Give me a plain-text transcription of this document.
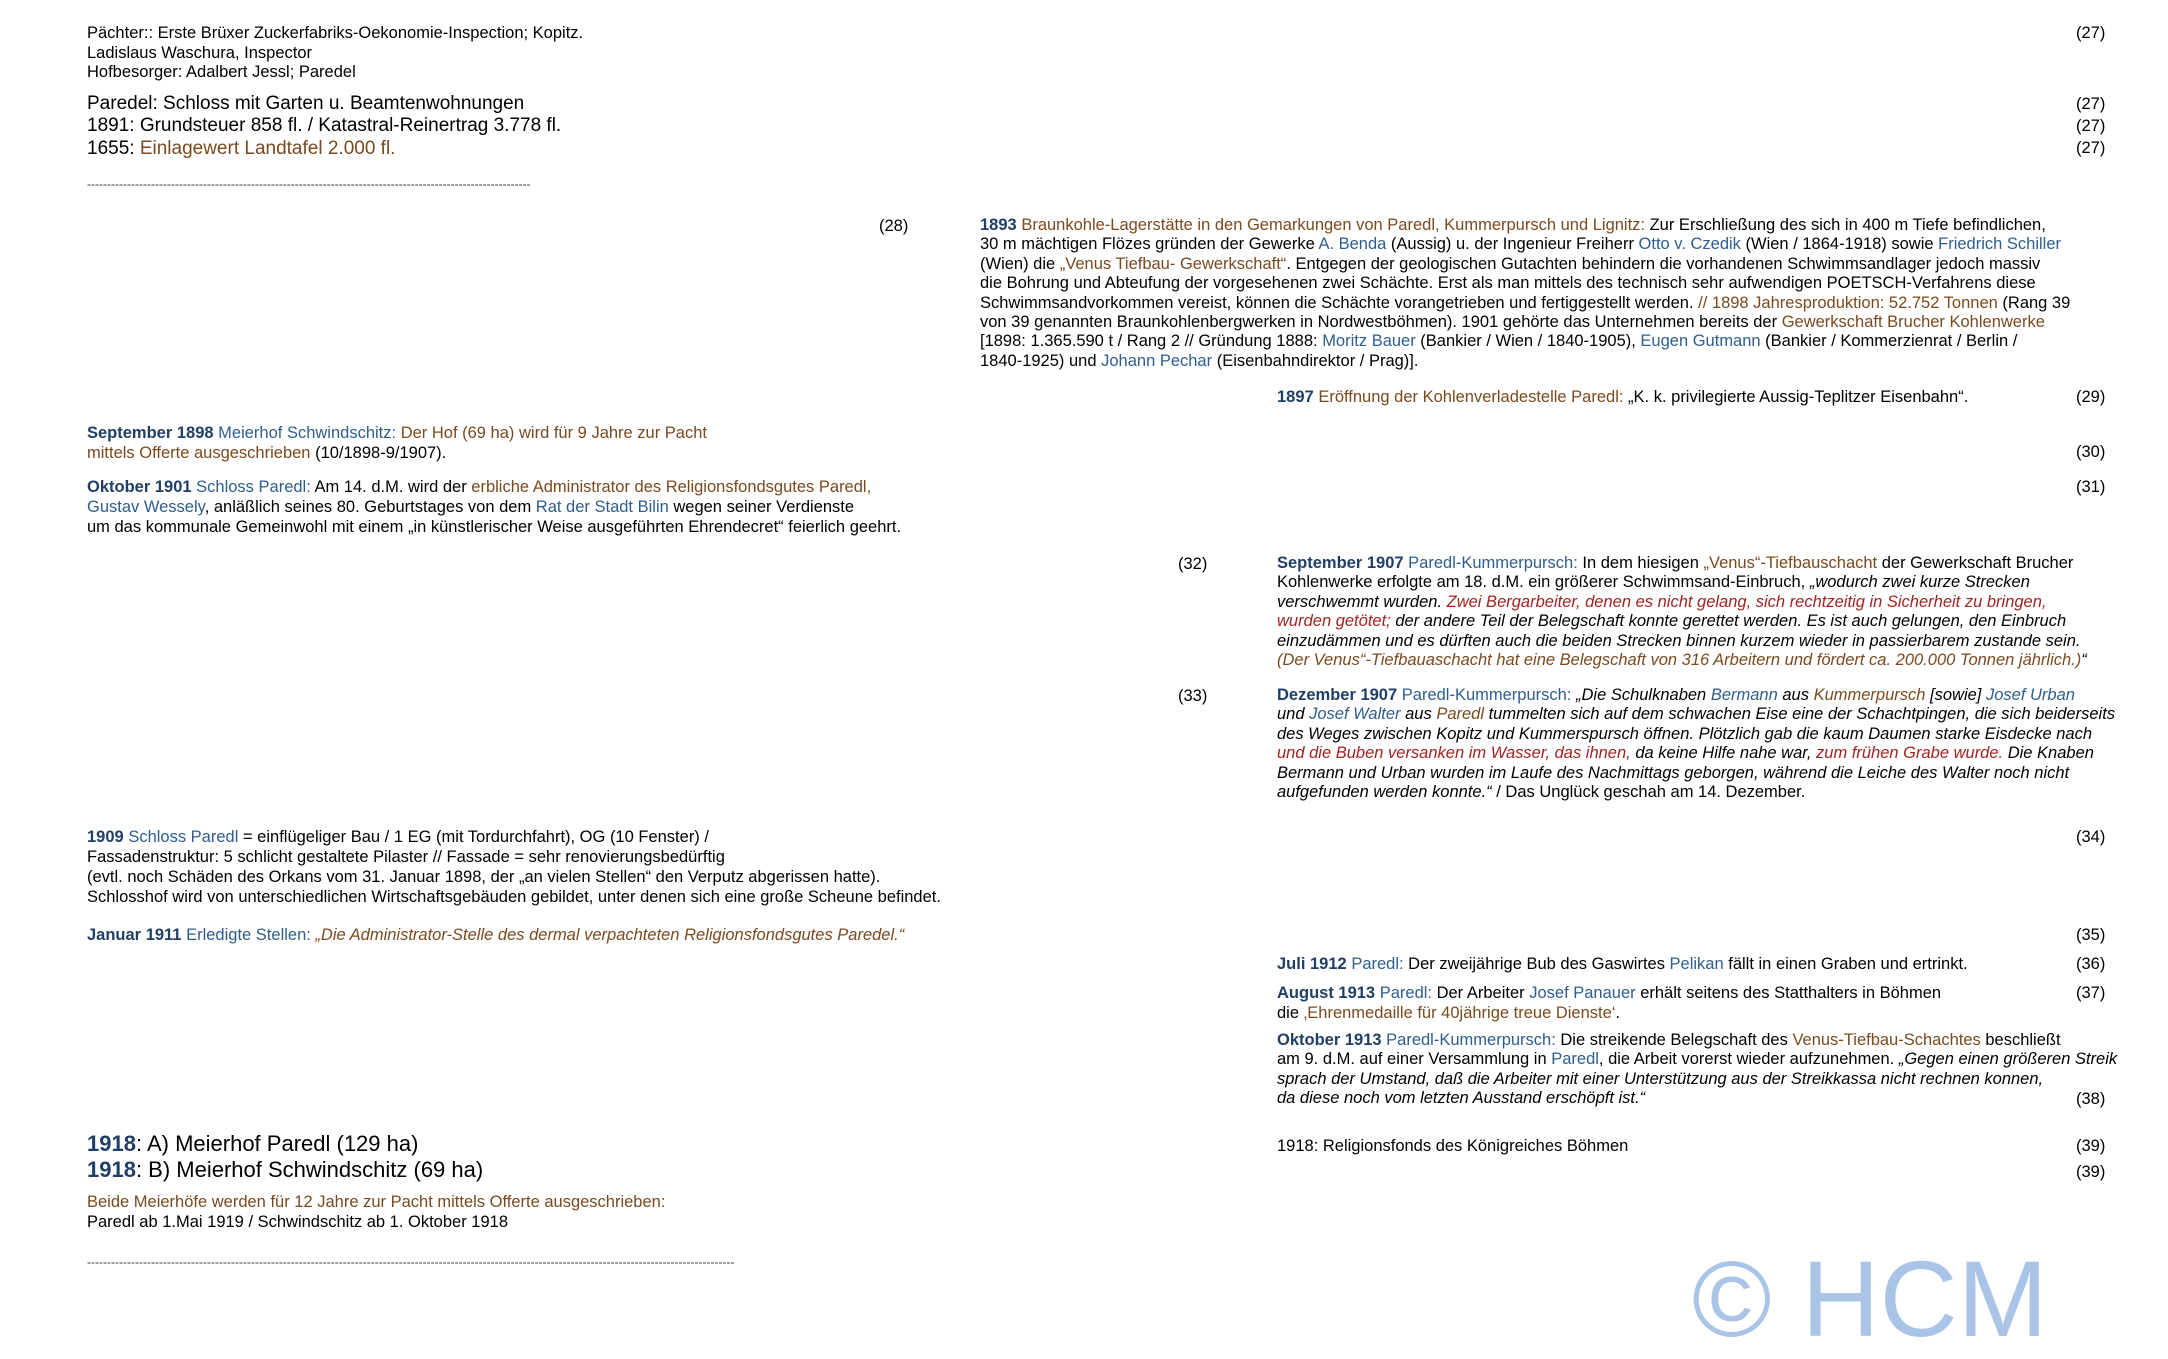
Pächter:: Erste Brüxer Zuckerfabriks-Oekonomie-Inspection; Kopitz.
Ladislaus Waschura, Inspector
Hofbesorger: Adalbert Jessl; Paredel
(27)
Paredel: Schloss mit Garten u. Beamtenwohnungen
1891: Grundsteuer 858 fl. / Katastral-Reinertrag 3.778 fl.
1655: Einlagewert Landtafel 2.000 fl.
(27)
(27)
(27)
---------------------------------------------------------------------------------------------------------------
(28)	1893 Braunkohle-Lagerstätte in den Gemarkungen von Paredl, Kummerpursch und Lignitz: Zur Erschließung des sich in 400 m Tiefe befindlichen,
30 m mächtigen Flözes gründen der Gewerke A. Benda (Aussig) u. der Ingenieur Freiherr Otto v. Czedik (Wien / 1864-1918) sowie Friedrich Schiller
(Wien) die „Venus Tiefbau- Gewerkschaft“. Entgegen der geologischen Gutachten behindern die vorhandenen Schwimmsandlager jedoch massiv
die Bohrung und Abteufung der vorgesehenen zwei Schächte. Erst als man mittels des technisch sehr aufwendigen POETSCH-Verfahrens diese
Schwimmsandvorkommen vereist, können die Schächte vorangetrieben und fertiggestellt werden. // 1898 Jahresproduktion: 52.752 Tonnen (Rang 39
von 39 genannten Braunkohlenbergwerken in Nordwestböhmen). 1901 gehörte das Unternehmen bereits der Gewerkschaft Brucher Kohlenwerke
[1898: 1.365.590 t / Rang 2 // Gründung 1888: Moritz Bauer (Bankier / Wien / 1840-1905), Eugen Gutmann (Bankier / Kommerzienrat / Berlin /
1840-1925) und Johann Pechar (Eisenbahndirektor / Prag)].
1897 Eröffnung der Kohlenverladestelle Paredl: „K. k. privilegierte Aussig-Teplitzer Eisenbahn“.	(29)
September 1898 Meierhof Schwindschitz: Der Hof (69 ha) wird für 9 Jahre zur Pacht
mittels Offerte ausgeschrieben (10/1898-9/1907).	(30)
Oktober 1901 Schloss Paredl: Am 14. d.M. wird der erbliche Administrator des Religionsfondsgutes Paredl,
Gustav Wessely, anläßlich seines 80. Geburtstages von dem Rat der Stadt Bilin wegen seiner Verdienste
um das kommunale Gemeinwohl mit einem „in künstlerischer Weise ausgeführten Ehrendecret“ feierlich geehrt.
(31)
(32)	September 1907 Paredl-Kummerpursch: In dem hiesigen „Venus“-Tiefbauschacht der Gewerkschaft Brucher
Kohlenwerke erfolgte am 18. d.M. ein größerer Schwimmsand-Einbruch, „wodurch zwei kurze Strecken
verschwemmt wurden. Zwei Bergarbeiter, denen es nicht gelang, sich rechtzeitig in Sicherheit zu bringen,
wurden getötet; der andere Teil der Belegschaft konnte gerettet werden. Es ist auch gelungen, den Einbruch
einzudämmen und es dürften auch die beiden Strecken binnen kurzem wieder in passierbarem zustande sein.
(Der Venus“-Tiefbauaschacht hat eine Belegschaft von 316 Arbeitern und fördert ca. 200.000 Tonnen jährlich.)“
(33)	Dezember 1907 Paredl-Kummerpursch: „Die Schulknaben Bermann aus Kummerpursch [sowie] Josef Urban
und Josef Walter aus Paredl tummelten sich auf dem schwachen Eise eine der Schachtpingen, die sich beiderseits
des Weges zwischen Kopitz und Kummerspursch öffnen. Plötzlich gab die kaum Daumen starke Eisdecke nach
und die Buben versanken im Wasser, das ihnen, da keine Hilfe nahe war, zum frühen Grabe wurde. Die Knaben
Bermann und Urban wurden im Laufe des Nachmittags geborgen, während die Leiche des Walter noch nicht
aufgefunden werden konnte.“ / Das Unglück geschah am 14. Dezember.
1909 Schloss Paredl = einflügeliger Bau / 1 EG (mit Tordurchfahrt), OG (10 Fenster) /
Fassadenstruktur: 5 schlicht gestaltete Pilaster // Fassade = sehr renovierungsbedürftig
(evtl. noch Schäden des Orkans vom 31. Januar 1898, der „an vielen Stellen“ den Verputz abgerissen hatte).
Schlosshof wird von unterschiedlichen Wirtschaftsgebäuden gebildet, unter denen sich eine große Scheune befindet.
(34)
Januar 1911 Erledigte Stellen: „Die Administrator-Stelle des dermal verpachteten Religionsfondsgutes Paredel.“	(35)
Juli 1912 Paredl: Der zweijährige Bub des Gaswirtes Pelikan fällt in einen Graben und ertrinkt.	(36)
August 1913 Paredl: Der Arbeiter Josef Panauer erhält seitens des Statthalters in Böhmen
die ‚Ehrenmedaille für 40jährige treue Dienste‘.
(37)
Oktober 1913 Paredl-Kummerpursch: Die streikende Belegschaft des Venus-Tiefbau-Schachtes beschließt
am 9. d.M. auf einer Versammlung in Paredl, die Arbeit vorerst wieder aufzunehmen. „Gegen einen größeren Streik
sprach der Umstand, daß die Arbeiter mit einer Unterstützung aus der Streikkassa nicht rechnen konnen,
da diese noch vom letzten Ausstand erschöpft ist.“	(38)
1918: A) Meierhof Paredl (129 ha)
1918: B) Meierhof Schwindschitz (69 ha)
Beide Meierhöfe werden für 12 Jahre zur Pacht mittels Offerte ausgeschrieben:
Paredl ab 1.Mai 1919 / Schwindschitz ab 1. Oktober 1918
1918: Religionsfonds des Königreiches Böhmen	(39)
(39)
------------------------------------------------------------------------------------------------------------------------------------------------------------------	© HCM
